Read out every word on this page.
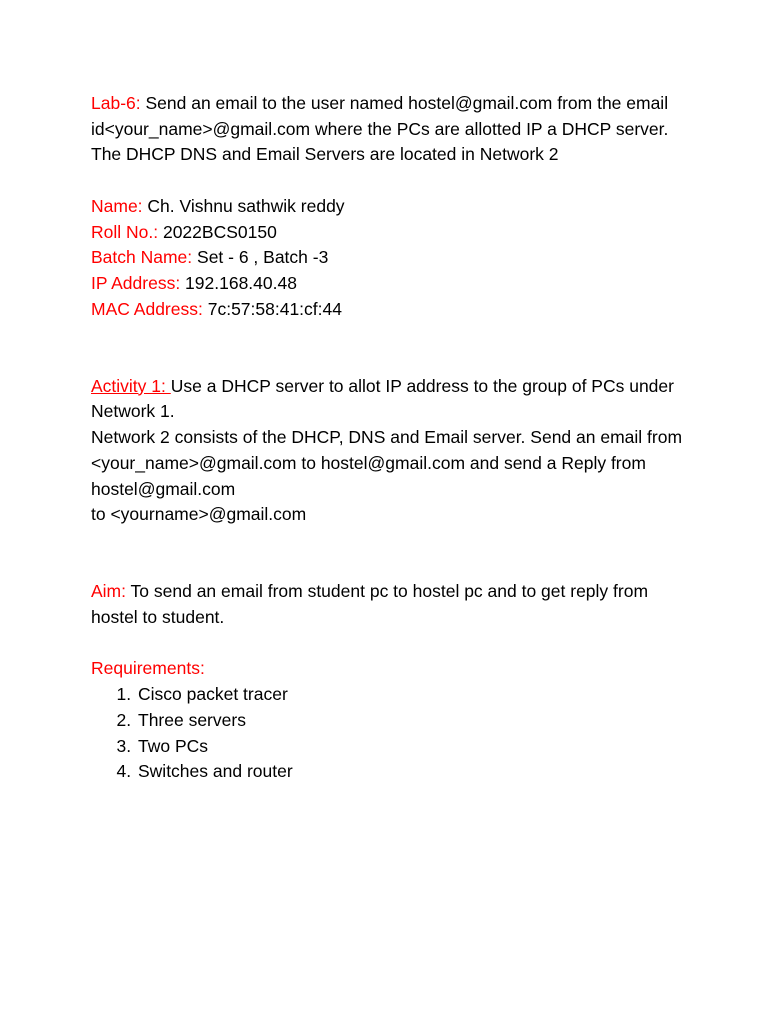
Lab-6: Send an email to the user named hostel@gmail.com from the email id<your_name>@gmail.com where the PCs are allotted IP a DHCP server. The DHCP DNS and Email Servers are located in Network 2

Name: Ch. Vishnu sathwik reddy

Roll No.: 2022BCS0150

Batch Name: Set - 6 , Batch -3

IP Address: 192.168.40.48

MAC Address: 7c:57:58:41:cf:44

Activity 1: Use a DHCP server to allot IP address to the group of PCs under Network 1.

Network 2 consists of the DHCP, DNS and Email server. Send an email from

<your_name>@gmail.com to hostel@gmail.com and send a Reply from hostel@gmail.com

to <yourname>@gmail.com

Aim: To send an email from student pc to hostel pc and to get reply from hostel to student.

Requirements:

1. Cisco packet tracer
2. Three servers
3. Two PCs
4. Switches and router
